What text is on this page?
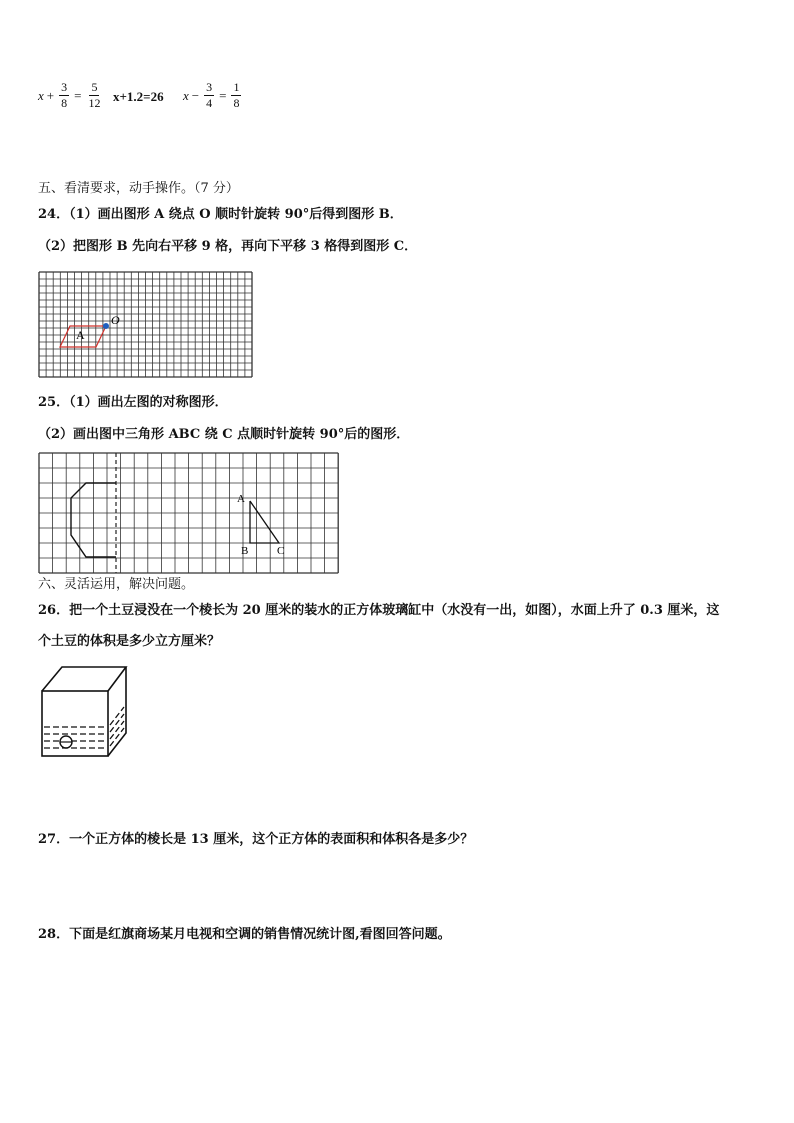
$x + \frac{3}{8} = \frac{5}{12} x+1.2=26$ $x - \frac{3}{4} = \frac{1}{8}$
五、看清要求，动手操作。（7 分）
24．（1）画出图形 A 绕点 O 顺时针旋转 90°后得到图形 B．
（2）把图形 B 先向右平移 9 格，再向下平移 3 格得到图形 C．
A
O
25．（1）画出左图的对称图形．
（2）画出图中三角形 ABC 绕 C 点顺时针旋转 90°后的图形．
A
B	C
六、灵活运用，解决问题。
26．把一个土豆浸没在一个棱长为 20 厘米的装水的正方体玻璃缸中（水没有一出，如图），水面上升了 0.3 厘米，这
个土豆的体积是多少立方厘米？
27．一个正方体的棱长是 13 厘米，这个正方体的表面积和体积各是多少？
28．下面是红旗商场某月电视和空调的销售情况统计图,看图回答问题。
